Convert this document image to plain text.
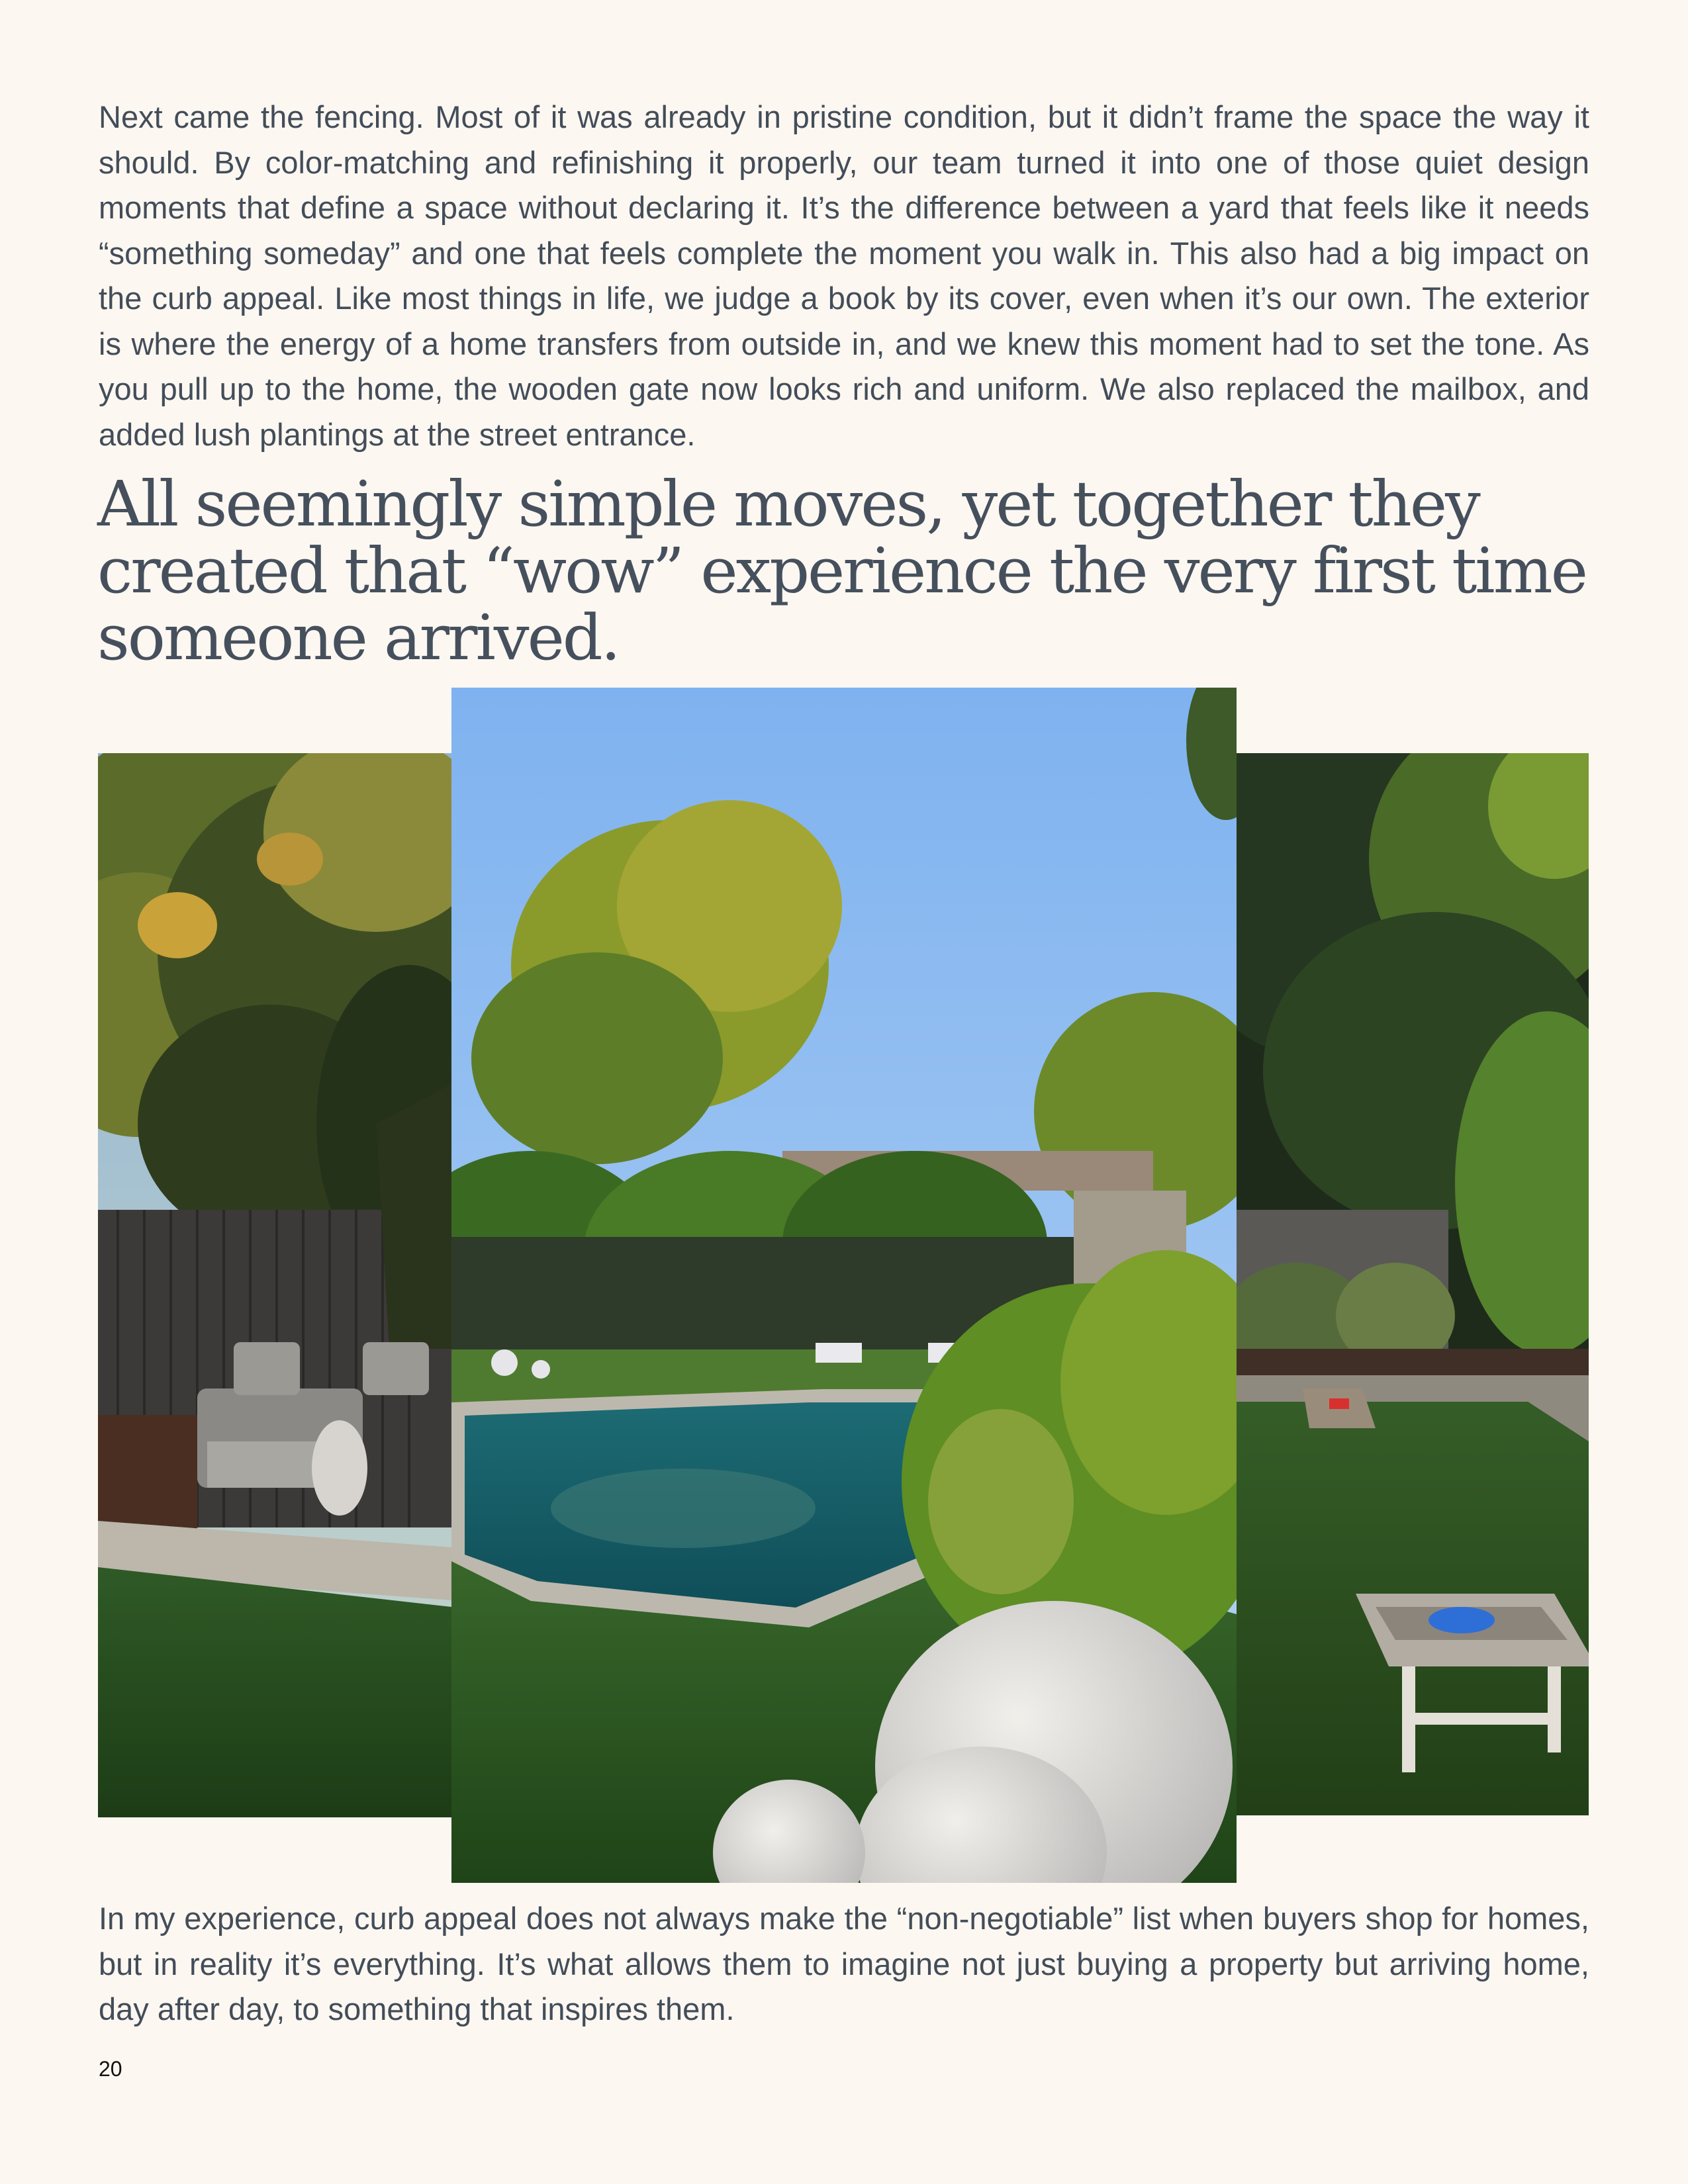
Next came the fencing. Most of it was already in pristine condition, but it didn’t frame the space the way it should. By color-matching and refinishing it properly, our team turned it into one of those quiet design moments that define a space without declaring it. It’s the difference between a yard that feels like it needs “something someday” and one that feels complete the moment you walk in. This also had a big impact on the curb appeal. Like most things in life, we judge a book by its cover, even when it’s our own. The exterior is where the energy of a home transfers from outside in, and we knew this moment had to set the tone. As you pull up to the home, the wooden gate now looks rich and uniform. We also replaced the mailbox, and added lush plantings at the street entrance.

All seemingly simple moves, yet together they created that “wow” experience the very first time someone arrived.

In my experience, curb appeal does not always make the “non-negotiable” list when buyers shop for homes, but in reality it’s everything. It’s what allows them to imagine not just buying a property but arriving home, day after day, to something that inspires them.

20
